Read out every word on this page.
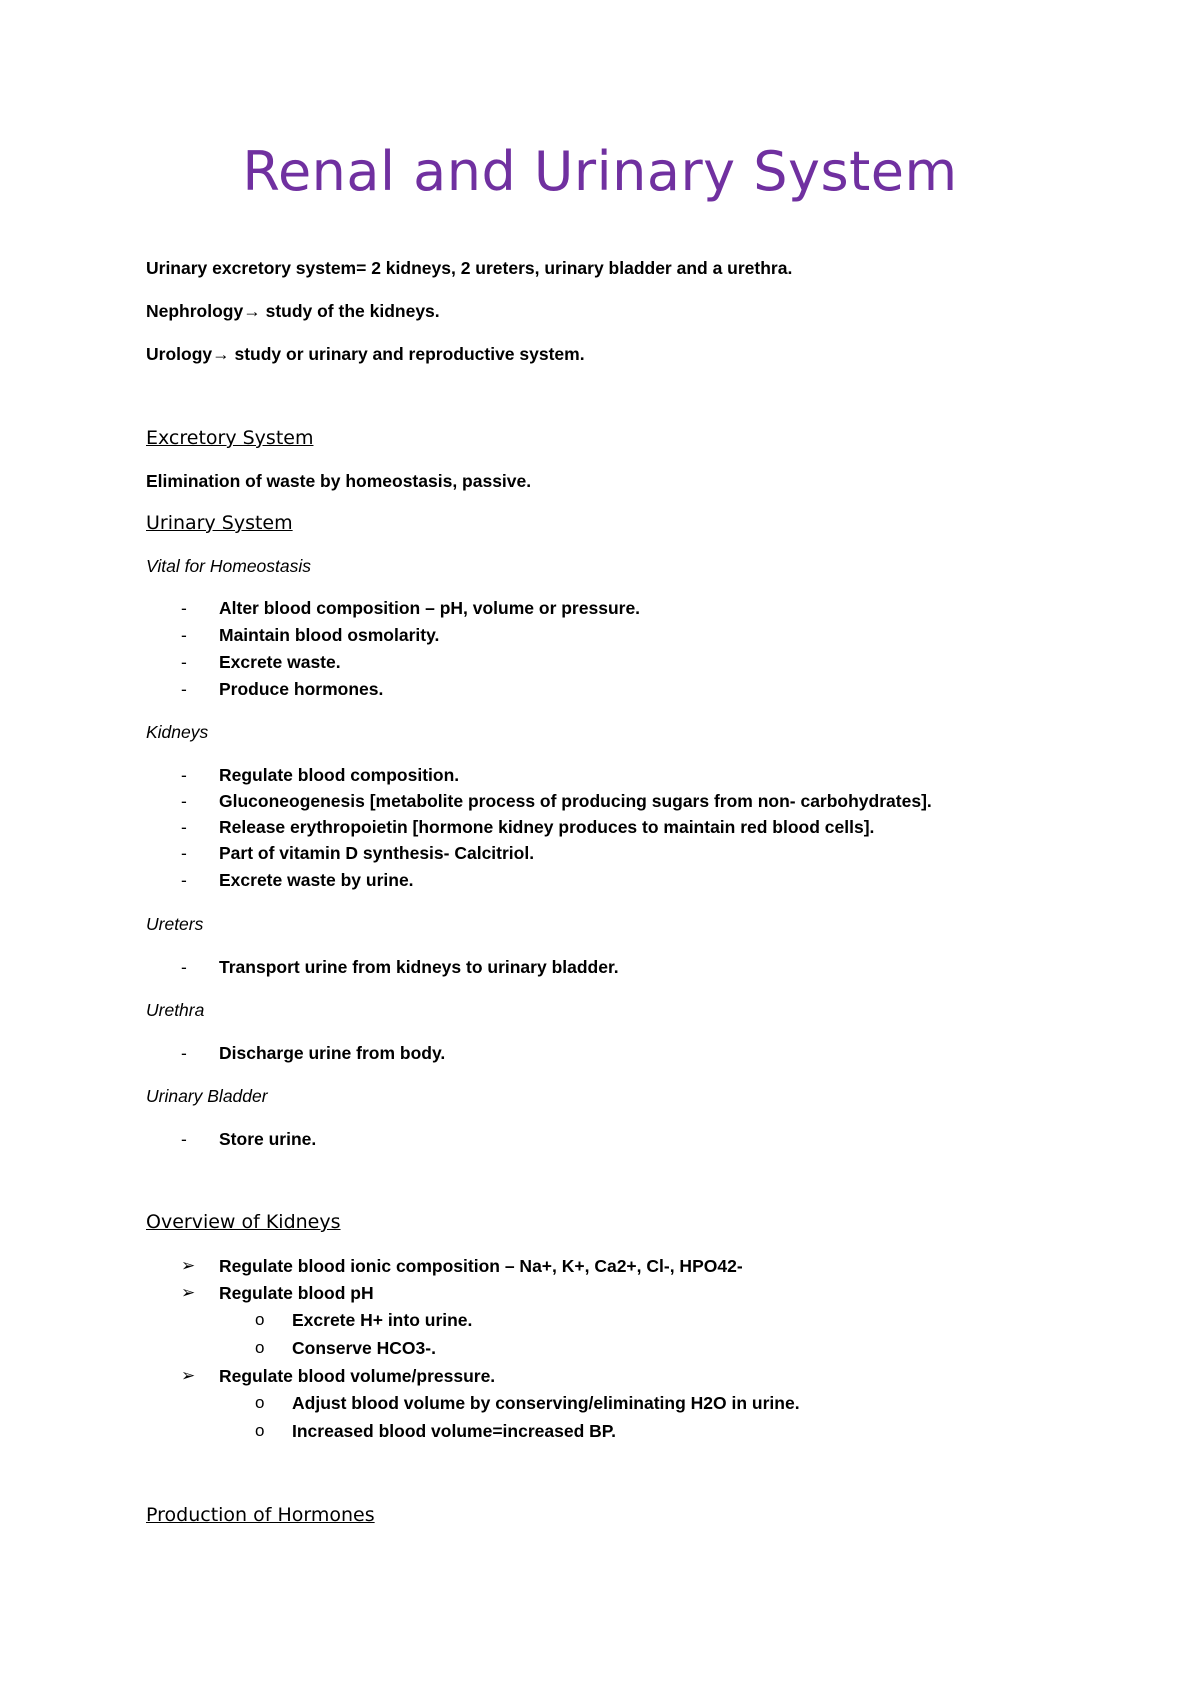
Renal and Urinary System
Urinary excretory system= 2 kidneys, 2 ureters, urinary bladder and a urethra.
Nephrology→ study of the kidneys.
Urology→ study or urinary and reproductive system.
Excretory System
Elimination of waste by homeostasis, passive.
Urinary System
Vital for Homeostasis
- Alter blood composition – pH, volume or pressure.
- Maintain blood osmolarity.
- Excrete waste.
- Produce hormones.
Kidneys
- Regulate blood composition.
- Gluconeogenesis [metabolite process of producing sugars from non- carbohydrates].
- Release erythropoietin [hormone kidney produces to maintain red blood cells].
- Part of vitamin D synthesis- Calcitriol.
- Excrete waste by urine.
Ureters
- Transport urine from kidneys to urinary bladder.
Urethra
- Discharge urine from body.
Urinary Bladder
- Store urine.
Overview of Kidneys
➢ Regulate blood ionic composition – Na+, K+, Ca2+, Cl-, HPO42-
➢ Regulate blood pH
o Excrete H+ into urine.
o Conserve HCO3-.
➢ Regulate blood volume/pressure.
o Adjust blood volume by conserving/eliminating H2O in urine.
o Increased blood volume=increased BP.
Production of Hormones
